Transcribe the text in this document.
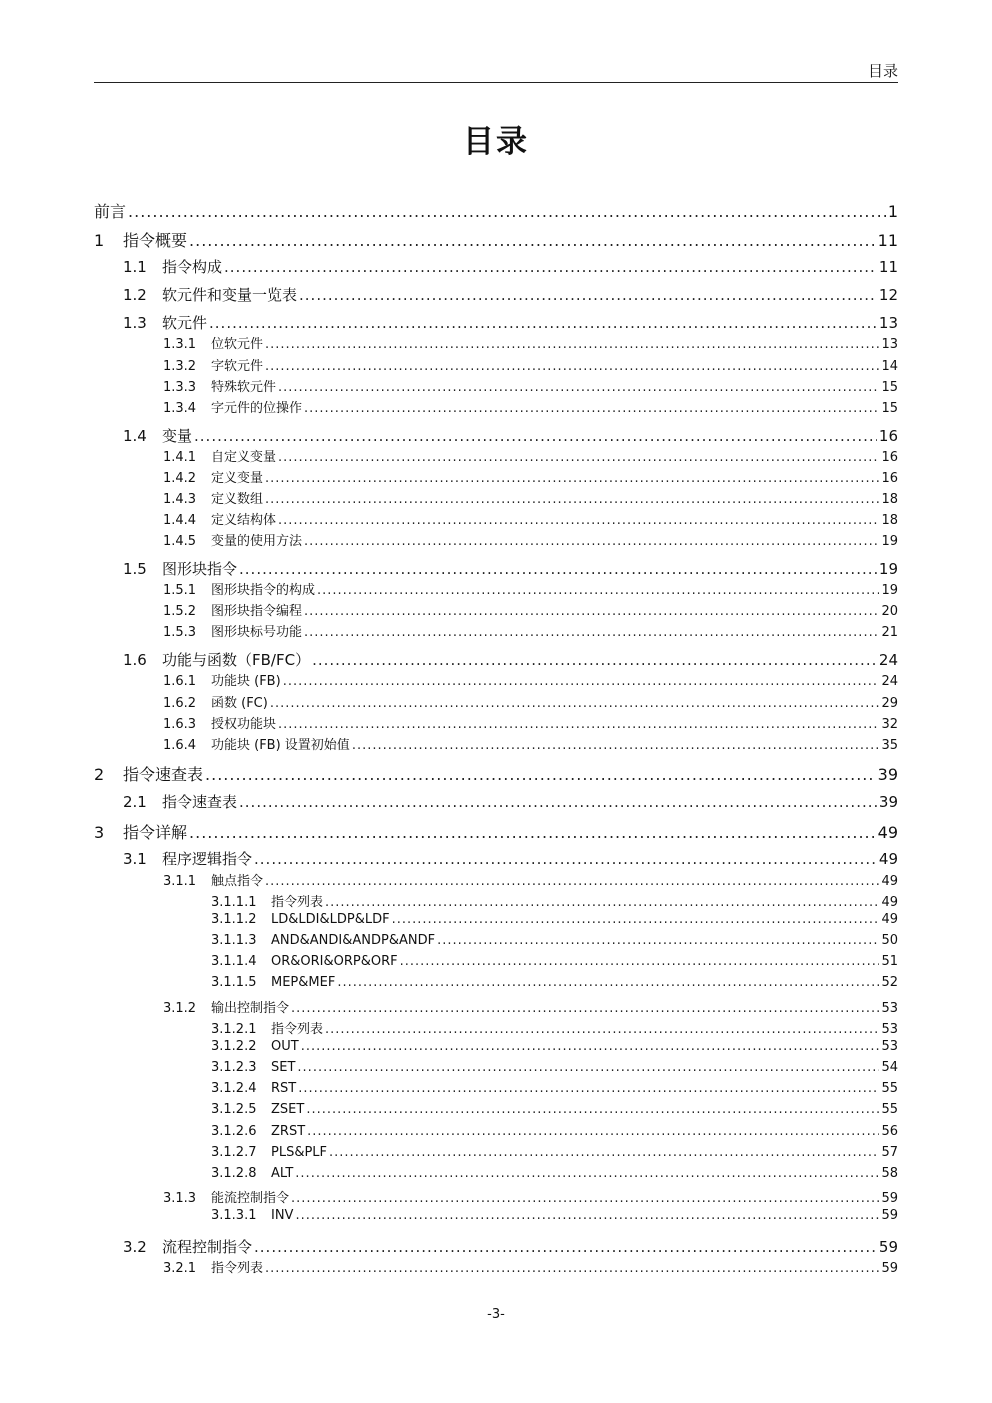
目录
目录
前言 .....	1
1	指令概要 .....	11
1.1	指令构成 .....	11
1.2	软元件和变量一览表 .....	12
1.3	软元件 .....	13
1.3.1	位软元件 .....	13
1.3.2	字软元件 .....	14
1.3.3	特殊软元件 .....	15
1.3.4	字元件的位操作 .....	15
1.4	变量 .....	16
1.4.1	自定义变量 .....	16
1.4.2	定义变量 .....	16
1.4.3	定义数组 .....	18
1.4.4	定义结构体 .....	18
1.4.5	变量的使用方法 .....	19
1.5	图形块指令 .....	19
1.5.1	图形块指令的构成 .....	19
1.5.2	图形块指令编程 .....	20
1.5.3	图形块标号功能 .....	21
1.6	功能与函数（FB/FC） .....	24
1.6.1	功能块 (FB) .....	24
1.6.2	函数 (FC) .....	29
1.6.3	授权功能块 .....	32
1.6.4	功能块 (FB) 设置初始值 .....	35
2	指令速查表 .....	39
2.1	指令速查表 .....	39
3	指令详解 .....	49
3.1	程序逻辑指令 .....	49
3.1.1	触点指令 .....	49
3.1.1.1	指令列表 .....	49
3.1.1.2	LD&LDI&LDP&LDF .....	49
3.1.1.3	AND&ANDI&ANDP&ANDF .....	50
3.1.1.4	OR&ORI&ORP&ORF .....	51
3.1.1.5	MEP&MEF .....	52
3.1.2	输出控制指令 .....	53
3.1.2.1	指令列表 .....	53
3.1.2.2	OUT .....	53
3.1.2.3	SET .....	54
3.1.2.4	RST .....	55
3.1.2.5	ZSET .....	55
3.1.2.6	ZRST .....	56
3.1.2.7	PLS&PLF .....	57
3.1.2.8	ALT .....	58
3.1.3	能流控制指令 .....	59
3.1.3.1	INV .....	59
3.2	流程控制指令 .....	59
3.2.1	指令列表 .....	59
-3-
